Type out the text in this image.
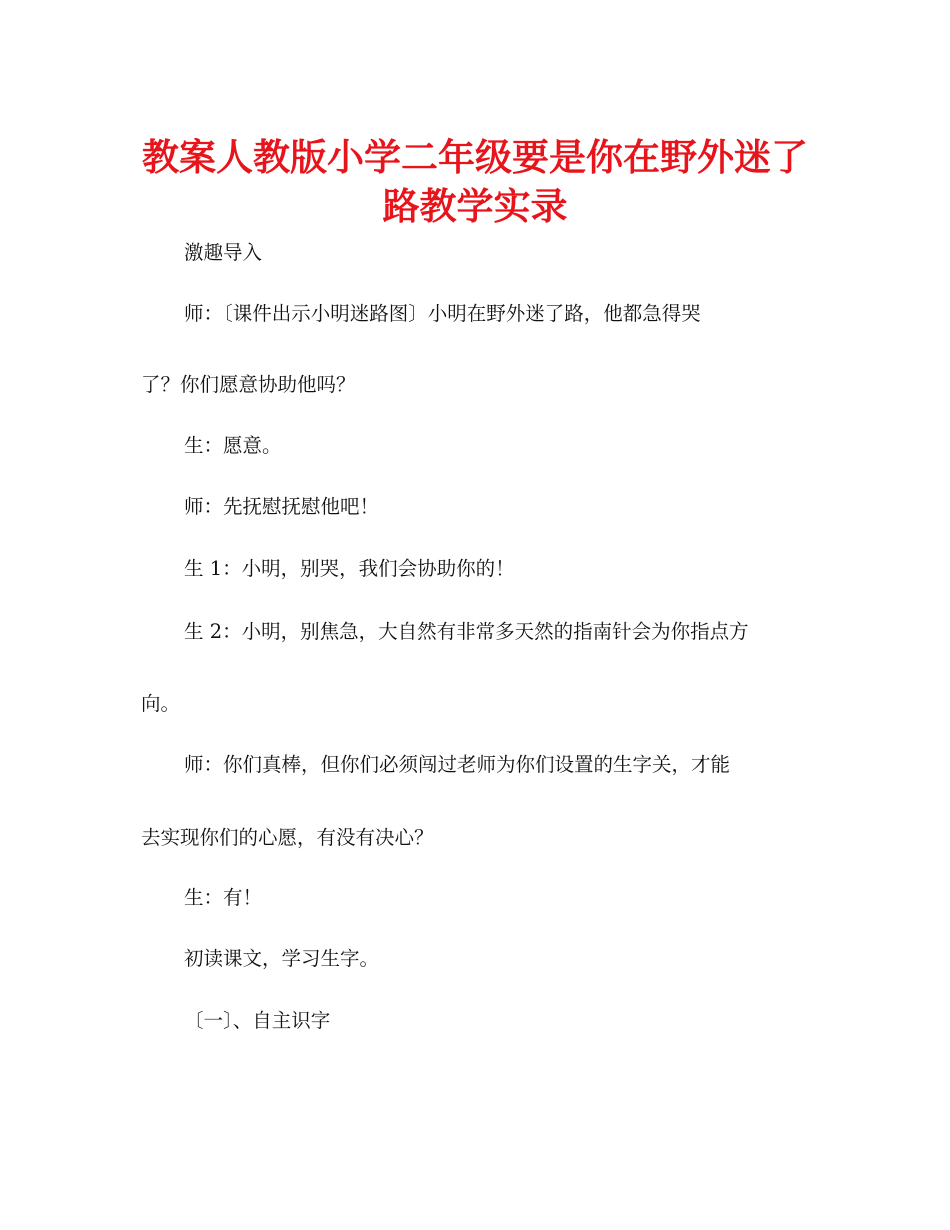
教案人教版小学二年级要是你在野外迷了
路教学实录

激趣导入

师：〔课件出示小明迷路图〕小明在野外迷了路，他都急得哭

了？你们愿意协助他吗？

生：愿意。

师：先抚慰抚慰他吧！

生 1：小明，别哭，我们会协助你的！

生 2：小明，别焦急，大自然有非常多天然的指南针会为你指点方

向。

师：你们真棒，但你们必须闯过老师为你们设置的生字关，才能

去实现你们的心愿，有没有决心？

生：有！

初读课文，学习生字。

〔一〕、自主识字
